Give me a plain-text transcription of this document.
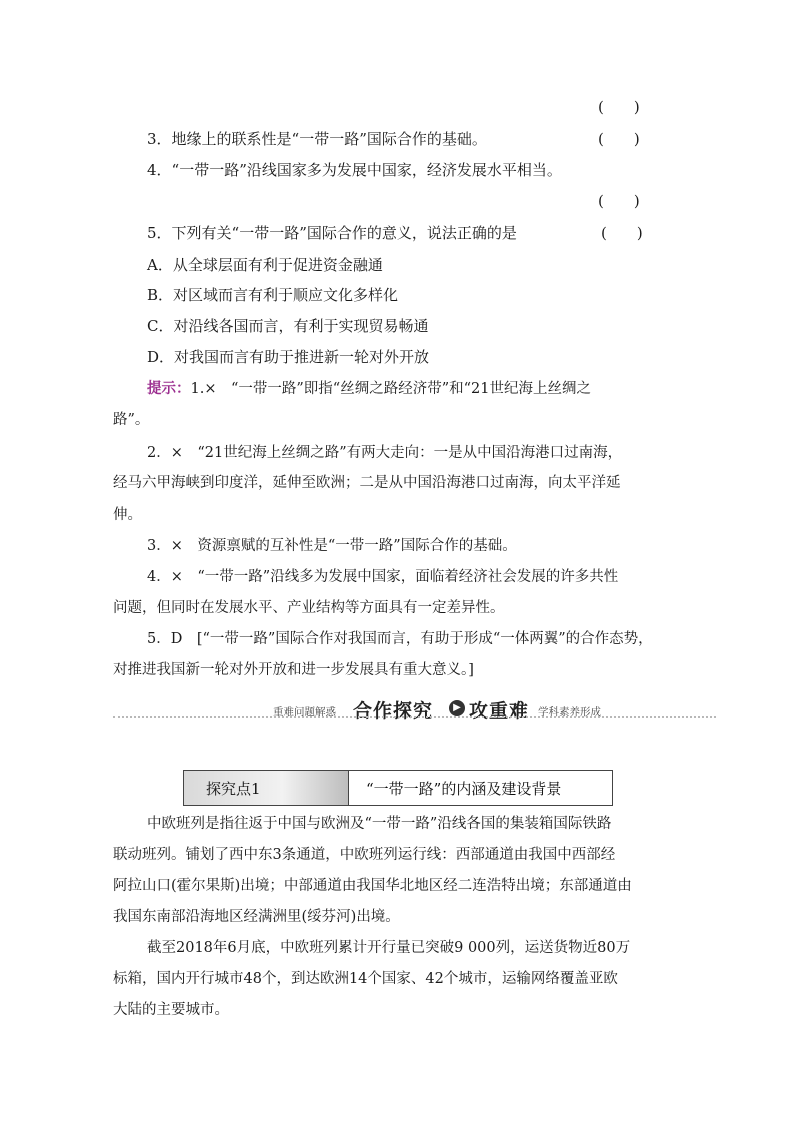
(　　)
3．地缘上的联系性是“一带一路”国际合作的基础。	(　　)
4．“一带一路”沿线国家多为发展中国家，经济发展水平相当。
(　　)
5．下列有关“一带一路”国际合作的意义，说法正确的是	(　　)
A．从全球层面有利于促进资金融通
B．对区域而言有利于顺应文化多样化
C．对沿线各国而言，有利于实现贸易畅通
D．对我国而言有助于推进新一轮对外开放
提示：1.×　“一带一路”即指“丝绸之路经济带”和“21世纪海上丝绸之
路”。
2．×　“21世纪海上丝绸之路”有两大走向：一是从中国沿海港口过南海，
经马六甲海峡到印度洋，延伸至欧洲；二是从中国沿海港口过南海，向太平洋延
伸。
3．×　资源禀赋的互补性是“一带一路”国际合作的基础。
4．×　“一带一路”沿线多为发展中国家，面临着经济社会发展的许多共性
问题，但同时在发展水平、产业结构等方面具有一定差异性。
5．D　[“一带一路”国际合作对我国而言，有助于形成“一体两翼”的合作态势，
对推进我国新一轮对外开放和进一步发展具有重大意义。]
重难问题解惑 合作探究	▶ 攻重难 学科素养形成
探究点1	“一带一路”的内涵及建设背景
中欧班列是指往返于中国与欧洲及“一带一路”沿线各国的集装箱国际铁路
联动班列。铺划了西中东3条通道，中欧班列运行线：西部通道由我国中西部经
阿拉山口(霍尔果斯)出境；中部通道由我国华北地区经二连浩特出境；东部通道由
我国东南部沿海地区经满洲里(绥芬河)出境。
截至2018年6月底，中欧班列累计开行量已突破9 000列，运送货物近80万
标箱，国内开行城市48个，到达欧洲14个国家、42个城市，运输网络覆盖亚欧
大陆的主要城市。
